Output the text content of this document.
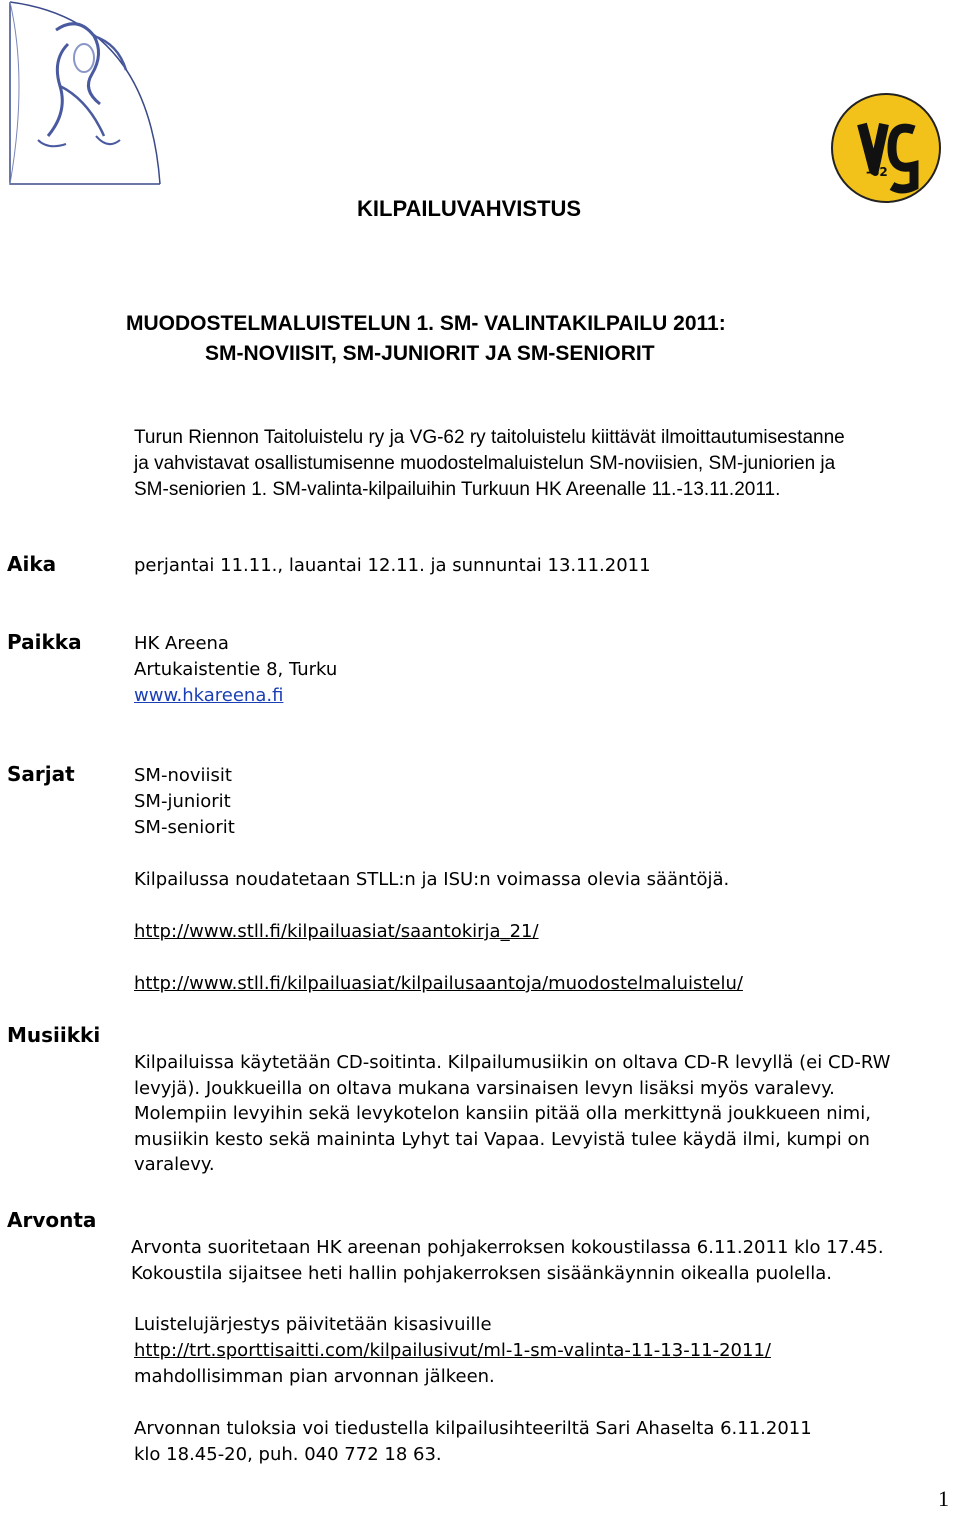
-62
KILPAILUVAHVISTUS
MUODOSTELMALUISTELUN 1. SM- VALINTAKILPAILU 2011:
SM-NOVIISIT, SM-JUNIORIT JA SM-SENIORIT
Turun Riennon Taitoluistelu ry ja VG-62 ry taitoluistelu kiittävät ilmoittautumisestanne
ja vahvistavat osallistumisenne muodostelmaluistelun SM-noviisien, SM-juniorien ja
SM-seniorien 1. SM-valinta-kilpailuihin Turkuun HK Areenalle 11.-13.11.2011.
Aika	perjantai 11.11., lauantai 12.11. ja sunnuntai 13.11.2011
Paikka	HK Areena
Artukaistentie 8, Turku
www.hkareena.fi
Sarjat	SM-noviisit
SM-juniorit
SM-seniorit
Kilpailussa noudatetaan STLL:n ja ISU:n voimassa olevia sääntöjä.
http://www.stll.fi/kilpailuasiat/saantokirja_21/
http://www.stll.fi/kilpailuasiat/kilpailusaantoja/muodostelmaluistelu/
Musiikki
Kilpailuissa käytetään CD-soitinta. Kilpailumusiikin on oltava CD-R levyllä (ei CD-RW
levyjä). Joukkueilla on oltava mukana varsinaisen levyn lisäksi myös varalevy.
Molempiin levyihin sekä levykotelon kansiin pitää olla merkittynä joukkueen nimi,
musiikin kesto sekä maininta Lyhyt tai Vapaa. Levyistä tulee käydä ilmi, kumpi on
varalevy.
Arvonta
Arvonta suoritetaan HK areenan pohjakerroksen kokoustilassa 6.11.2011 klo 17.45.
Kokoustila sijaitsee heti hallin pohjakerroksen sisäänkäynnin oikealla puolella.
Luistelujärjestys päivitetään kisasivuille
http://trt.sporttisaitti.com/kilpailusivut/ml-1-sm-valinta-11-13-11-2011/
mahdollisimman pian arvonnan jälkeen.
Arvonnan tuloksia voi tiedustella kilpailusihteeriltä Sari Ahaselta 6.11.2011
klo 18.45-20, puh. 040 772 18 63.
1
